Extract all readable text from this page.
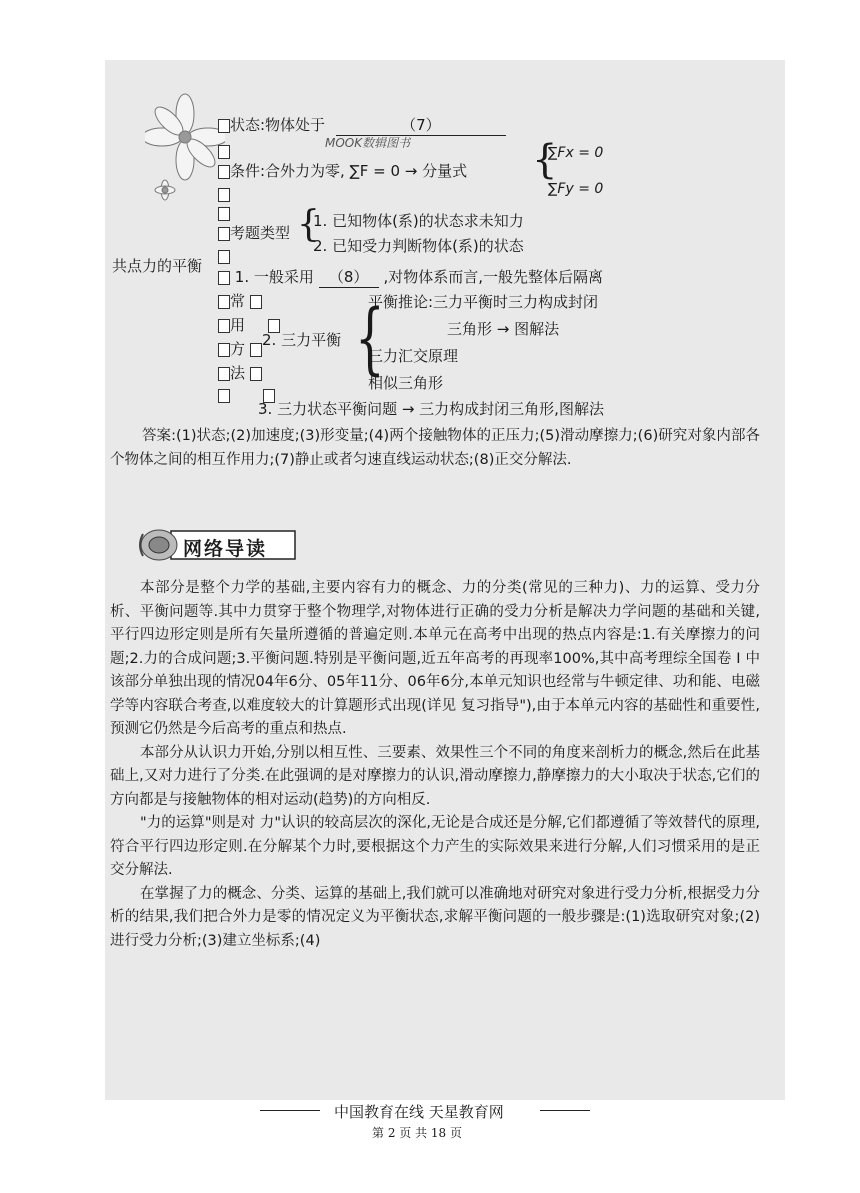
状态:物体处于	（7）
MOOK数辑图书
条件:合外力为零, ∑F = 0 → 分量式 {
∑Fx = 0
∑Fy = 0
考题类型 {
1. 已知物体(系)的状态求未知力
2. 已知受力判断物体(系)的状态
共点力的平衡
1. 一般采用 （8） ,对物体系而言,一般先整体后隔离
常
用
方
法

2. 三力平衡 {
平衡推论:三力平衡时三力构成封闭
三角形 → 图解法
三力汇交原理
相似三角形
3. 三力状态平衡问题 → 三力构成封闭三角形,图解法

答案:(1)状态;(2)加速度;(3)形变量;(4)两个接触物体的正压力;(5)滑动摩擦力;(6)研究对象内部各个物体之间的相互作用力;(7)静止或者匀速直线运动状态;(8)正交分解法.

网络导读

本部分是整个力学的基础,主要内容有力的概念、力的分类(常见的三种力)、力的运算、受力分析、平衡问题等.其中力贯穿于整个物理学,对物体进行正确的受力分析是解决力学问题的基础和关键,平行四边形定则是所有矢量所遵循的普遍定则.本单元在高考中出现的热点内容是:1.有关摩擦力的问题;2.力的合成问题;3.平衡问题.特别是平衡问题,近五年高考的再现率100%,其中高考理综全国卷 Ⅰ 中该部分单独出现的情况04年6分、05年11分、06年6分,本单元知识也经常与牛顿定律、功和能、电磁学等内容联合考查,以难度较大的计算题形式出现(详见 复习指导"),由于本单元内容的基础性和重要性,预测它仍然是今后高考的重点和热点.

本部分从认识力开始,分别以相互性、三要素、效果性三个不同的角度来剖析力的概念,然后在此基础上,又对力进行了分类.在此强调的是对摩擦力的认识,滑动摩擦力,静摩擦力的大小取决于状态,它们的方向都是与接触物体的相对运动(趋势)的方向相反.

"力的运算"则是对 力"认识的较高层次的深化,无论是合成还是分解,它们都遵循了等效替代的原理,符合平行四边形定则.在分解某个力时,要根据这个力产生的实际效果来进行分解,人们习惯采用的是正交分解法.

在掌握了力的概念、分类、运算的基础上,我们就可以准确地对研究对象进行受力分析,根据受力分析的结果,我们把合外力是零的情况定义为平衡状态,求解平衡问题的一般步骤是:(1)选取研究对象;(2)进行受力分析;(3)建立坐标系;(4)

中国教育在线 天星教育网
第 2 页 共 18 页
